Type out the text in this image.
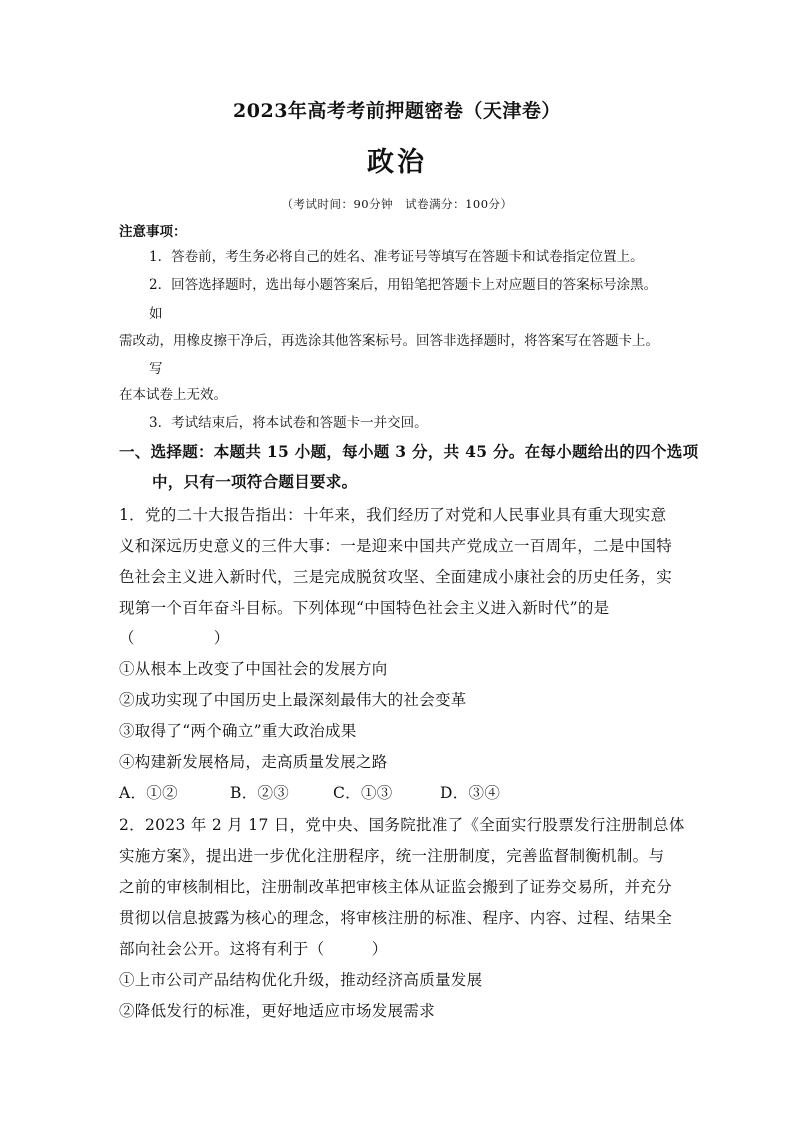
2023年高考考前押题密卷（天津卷）
政治
（考试时间：90分钟　试卷满分：100分）
注意事项：
1．答卷前，考生务必将自己的姓名、准考证号等填写在答题卡和试卷指定位置上。
2．回答选择题时，选出每小题答案后，用铅笔把答题卡上对应题目的答案标号涂黑。
如
需改动，用橡皮擦干净后，再选涂其他答案标号。回答非选择题时，将答案写在答题卡上。
写
在本试卷上无效。
3．考试结束后，将本试卷和答题卡一并交回。
一、选择题：本题共 15 小题，每小题 3 分，共 45 分。在每小题给出的四个选项
中，只有一项符合题目要求。
1．党的二十大报告指出：十年来，我们经历了对党和人民事业具有重大现实意
义和深远历史意义的三件大事：一是迎来中国共产党成立一百周年，二是中国特
色社会主义进入新时代，三是完成脱贫攻坚、全面建成小康社会的历史任务，实
现第一个百年奋斗目标。下列体现“中国特色社会主义进入新时代”的是
（　　　　　）
①从根本上改变了中国社会的发展方向
②成功实现了中国历史上最深刻最伟大的社会变革
③取得了“两个确立”重大政治成果
④构建新发展格局，走高质量发展之路
A．①②	B．②③	C．①③	D．③④
2．2023 年 2 月 17 日，党中央、国务院批准了《全面实行股票发行注册制总体
实施方案》，提出进一步优化注册程序，统一注册制度，完善监督制衡机制。与
之前的审核制相比，注册制改革把审核主体从证监会搬到了证券交易所，并充分
贯彻以信息披露为核心的理念，将审核注册的标准、程序、内容、过程、结果全
部向社会公开。这将有利于（　　　）
①上市公司产品结构优化升级，推动经济高质量发展
②降低发行的标准，更好地适应市场发展需求
